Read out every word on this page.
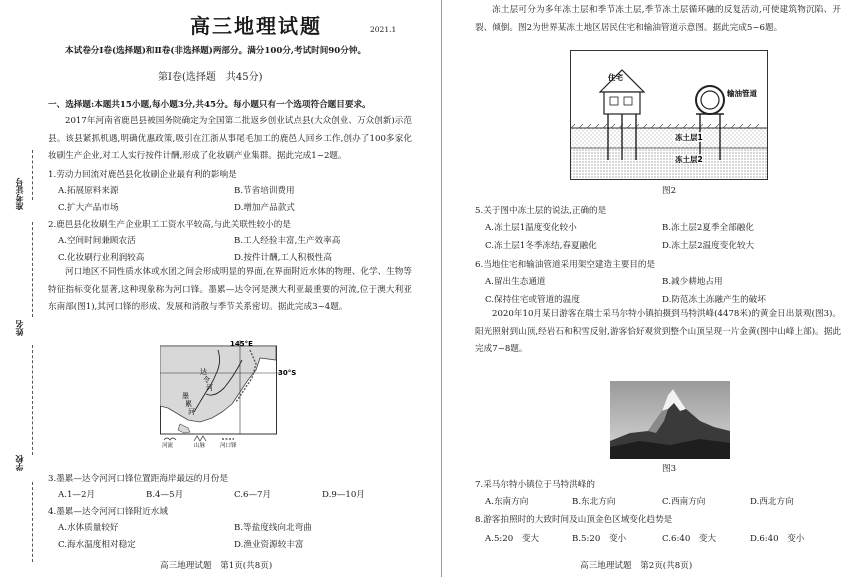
准考证号
姓名
学校
高三地理试题	2021.1
本试卷分Ⅰ卷(选择题)和Ⅱ卷(非选择题)两部分。满分100分,考试时间90分钟。
第Ⅰ卷(选择题　共45分)
一、选择题:本题共15小题,每小题3分,共45分。每小题只有一个选项符合题目要求。
2017年河南省鹿邑县被国务院确定为全国第二批返乡创业试点县(大众创业、万众创新)示范县。该县紧抓机遇,明确优惠政策,吸引在江浙从事尾毛加工的鹿邑人回乡工作,创办了100多家化妆刷生产企业,对工人实行按件计酬,形成了化妆刷产业集群。据此完成1~2题。
1.劳动力回流对鹿邑县化妆刷企业最有利的影响是
A.拓展原料来源	B.节省培训费用
C.扩大产品市场	D.增加产品款式
2.鹿邑县化妆刷生产企业职工工资水平较高,与此关联性较小的是
A.空间时间兼顾农活	B.工人经验丰富,生产效率高
C.化妆刷行业利润较高	D.按件计酬,工人积极性高
河口地区不同性质水体或水团之间会形成明显的界面,在界面附近水体的物理、化学、生物等特征指标变化显著,这种现象称为河口锋。墨累—达令河是澳大利亚最重要的河流,位于澳大利亚东南部(图1),其河口锋的形成、发展和消散与季节关系密切。据此完成3~4题。
145°E
30°S
达
令
河
墨
累
河
河流	山脉	河口锋
3.墨累—达令河河口锋位置距海岸最远的月份是
A.1—2月	B.4—5月	C.6—7月	D.9—10月
4.墨累—达令河河口锋附近水域
A.水体质量较好	B.等盐度线向北弯曲
C.海水温度相对稳定	D.渔业资源较丰富
高三地理试题　第1页(共8页)
冻土层可分为多年冻土层和季节冻土层,季节冻土层循环融的反复活动,可使建筑物沉陷、开裂、倾倒。图2为世界某冻土地区居民住宅和输油管道示意图。据此完成5~6题。
住宅
输油管道
冻土层1
冻土层2
图2
5.关于图中冻土层的说法,正确的是
A.冻土层1温度变化较小	B.冻土层2夏季全部融化
C.冻土层1冬季冻结,春夏融化	D.冻土层2温度变化较大
6.当地住宅和输油管道采用架空建造主要目的是
A.留出生态通道	B.减少耕地占用
C.保持住宅或管道的温度	D.防范冻土冻融产生的破坏
2020年10月某日游客在瑞士采马尔特小镇拍摄到马特洪峰(4478米)的黄金日出景观(图3)。阳光照射到山顶,经岩石和积雪反射,游客恰好观赏到整个山顶呈现一片金黄(图中山峰上部)。据此完成7~8题。
图3
7.采马尔特小镇位于马特洪峰的
A.东南方向	B.东北方向	C.西南方向	D.西北方向
8.游客拍照时的大致时间及山顶金色区域变化趋势是
A.5:20　变大	B.5:20　变小	C.6:40　变大	D.6:40　变小
高三地理试题　第2页(共8页)
